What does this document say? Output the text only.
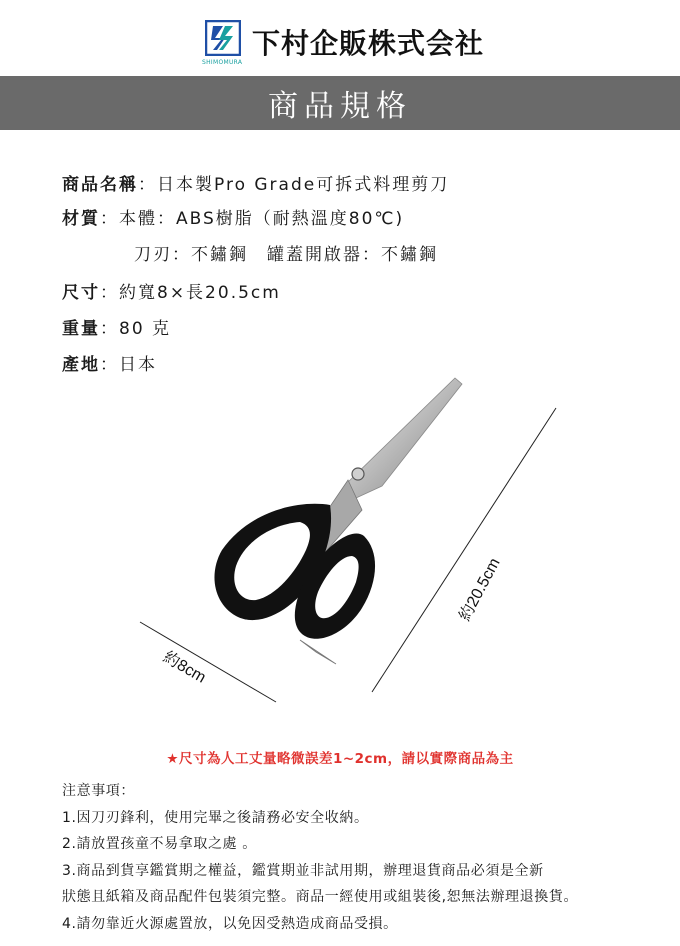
SHIMOMURA
下村企販株式会社
商品規格
商品名稱：日本製Pro Grade可拆式料理剪刀
材質：本體：ABS樹脂（耐熱溫度80℃)
刀刃：不鏽鋼　罐蓋開啟器：不鏽鋼
尺寸：約寬8×長20.5cm
重量：80 克
產地：日本
約8cm
約20.5cm
★尺寸為人工丈量略微誤差1~2cm，請以實際商品為主
注意事項：
1.因刀刃鋒利，使用完畢之後請務必安全收納。
2.請放置孩童不易拿取之處 。
3.商品到貨享鑑賞期之權益，鑑賞期並非試用期，辦理退貨商品必須是全新
狀態且紙箱及商品配件包裝須完整。商品一經使用或組裝後,恕無法辦理退換貨。
4.請勿靠近火源處置放，以免因受熱造成商品受損。
